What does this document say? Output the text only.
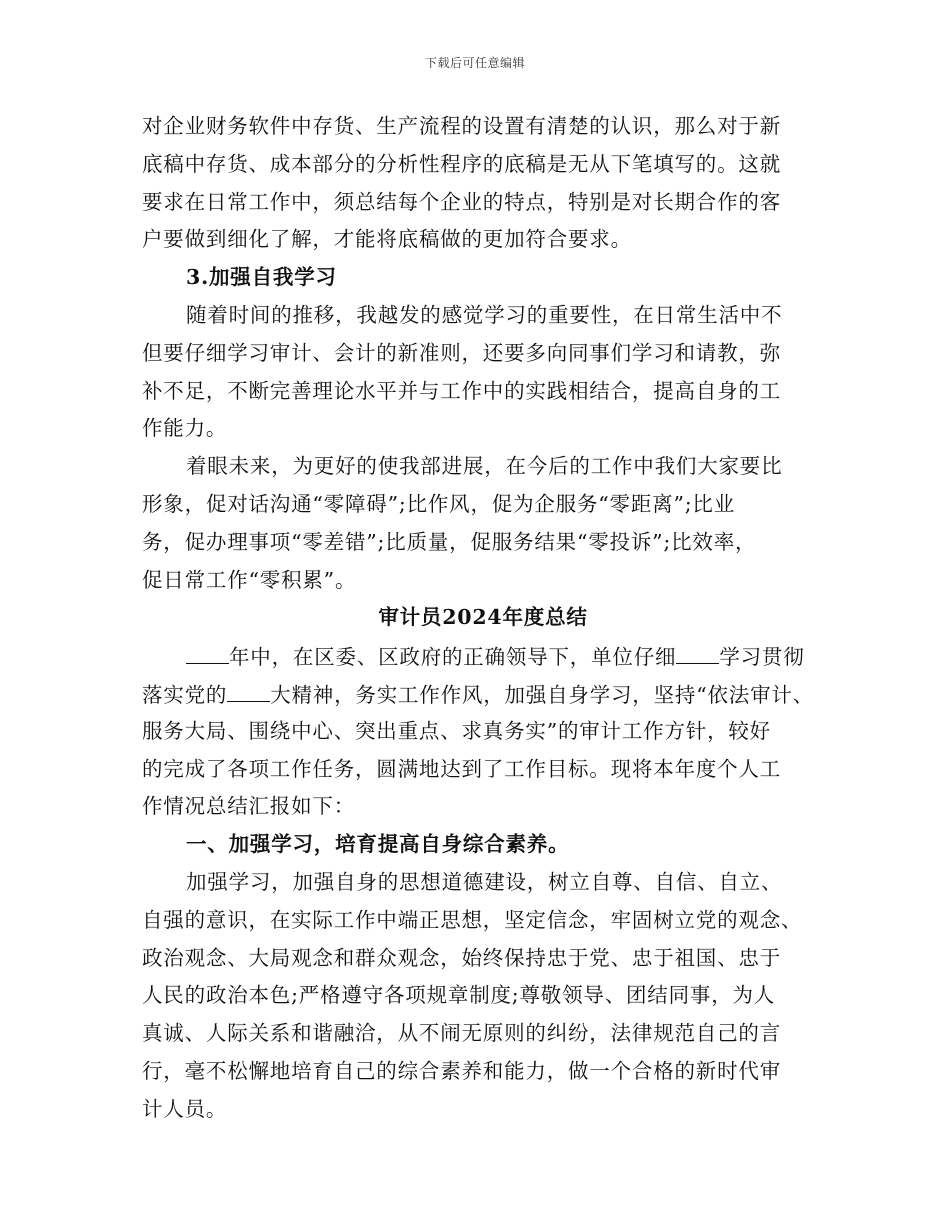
下载后可任意编辑
对企业财务软件中存货、生产流程的设置有清楚的认识，那么对于新
底稿中存货、成本部分的分析性程序的底稿是无从下笔填写的。这就
要求在日常工作中，须总结每个企业的特点，特别是对长期合作的客
户要做到细化了解，才能将底稿做的更加符合要求。
3.加强自我学习
随着时间的推移，我越发的感觉学习的重要性，在日常生活中不
但要仔细学习审计、会计的新准则，还要多向同事们学习和请教，弥
补不足，不断完善理论水平并与工作中的实践相结合，提高自身的工
作能力。
着眼未来，为更好的使我部进展，在今后的工作中我们大家要比
形象，促对话沟通“零障碍”;比作风，促为企服务“零距离”;比业
务，促办理事项“零差错”;比质量，促服务结果“零投诉”;比效率，
促日常工作“零积累”。
审计员2024年度总结
年中，在区委、区政府的正确领导下，单位仔细 学习贯彻
落实党的 大精神，务实工作作风，加强自身学习，坚持“依法审计、
服务大局、围绕中心、突出重点、求真务实”的审计工作方针，较好
的完成了各项工作任务，圆满地达到了工作目标。现将本年度个人工
作情况总结汇报如下：
一、加强学习，培育提高自身综合素养。
加强学习，加强自身的思想道德建设，树立自尊、自信、自立、
自强的意识，在实际工作中端正思想，坚定信念，牢固树立党的观念、
政治观念、大局观念和群众观念，始终保持忠于党、忠于祖国、忠于
人民的政治本色;严格遵守各项规章制度;尊敬领导、团结同事，为人
真诚、人际关系和谐融洽，从不闹无原则的纠纷，法律规范自己的言
行，毫不松懈地培育自己的综合素养和能力，做一个合格的新时代审
计人员。
